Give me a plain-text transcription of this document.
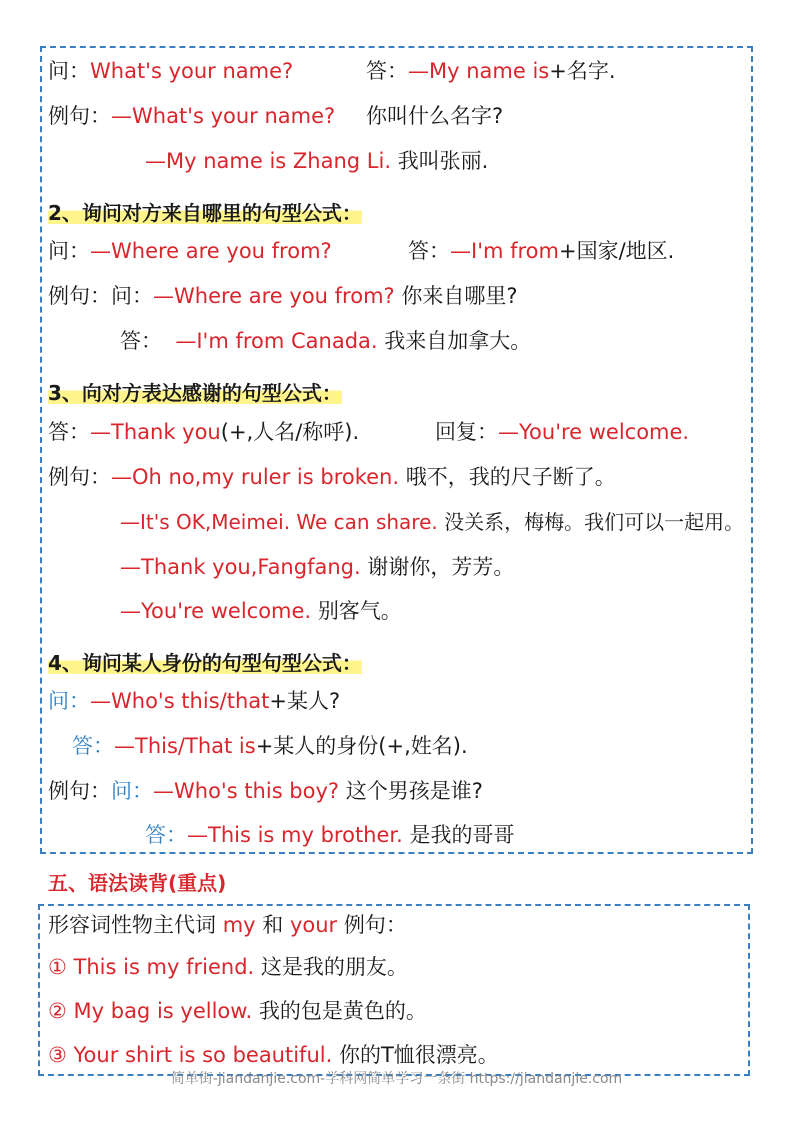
问：What's your name?	答：—My name is+名字.
例句：—What's your name? 你叫什么名字?
—My name is Zhang Li. 我叫张丽.
2、询问对方来自哪里的句型公式：
问：—Where are you from?	答：—I'm from+国家/地区.
例句：问：—Where are you from? 你来自哪里?
答： —I'm from Canada. 我来自加拿大。
3、向对方表达感谢的句型公式：
答：—Thank you(+,人名/称呼).	回复：—You're welcome.
例句：—Oh no,my ruler is broken. 哦不，我的尺子断了。
—It's OK,Meimei. We can share. 没关系，梅梅。我们可以一起用。
—Thank you,Fangfang. 谢谢你，芳芳。
—You're welcome. 别客气。
4、询问某人身份的句型句型公式：
问：—Who's this/that+某人?
答：—This/That is+某人的身份(+,姓名).
例句：问：—Who's this boy? 这个男孩是谁?
答：—This is my brother. 是我的哥哥
五、语法读背(重点)
形容词性物主代词 my 和 your 例句：
① This is my friend. 这是我的朋友。
② My bag is yellow. 我的包是黄色的。
③ Your shirt is so beautiful. 你的T恤很漂亮。
简单街-jiandanjie.com-学科网简单学习一条街 https://jiandanjie.com
